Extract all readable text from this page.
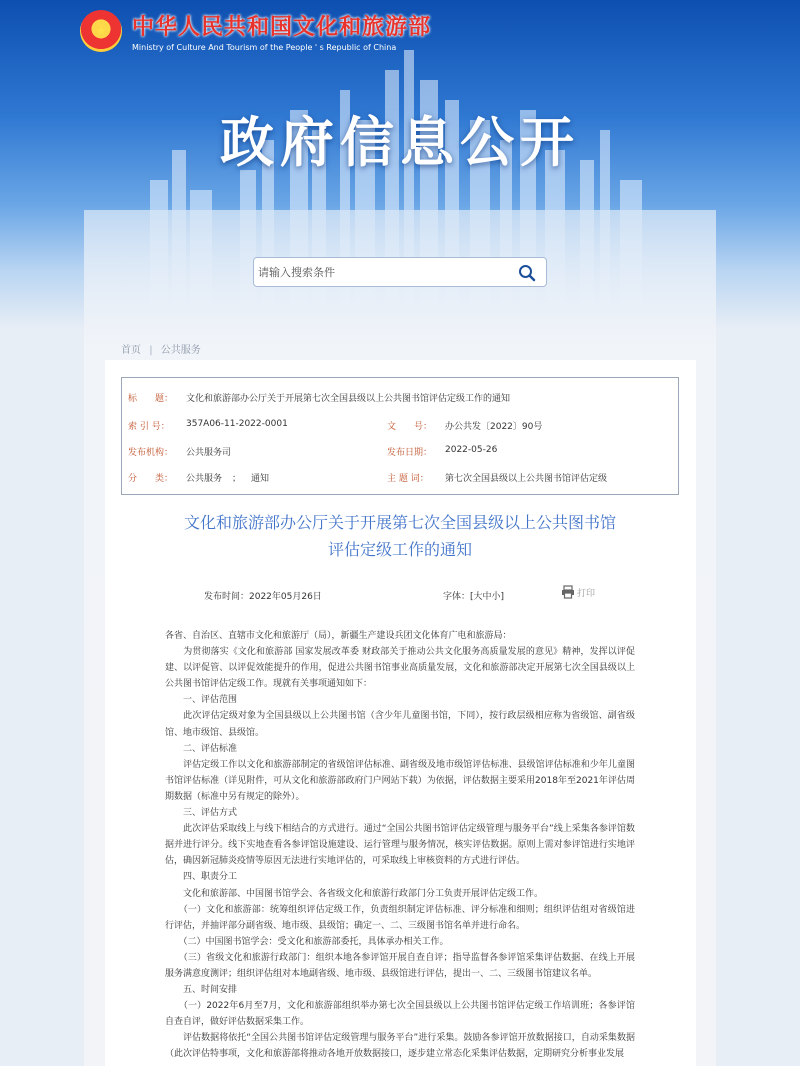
★ 中华人民共和国文化和旅游部
Ministry of Culture And Tourism of the People ' s Republic of China
政府信息公开
请输入搜索条件
首页 | 公共服务
标　　题：	文化和旅游部办公厅关于开展第七次全国县级以上公共图书馆评估定级工作的通知
索 引 号：	357A06-11-2022-0001	文　　号：	办公共发〔2022〕90号
发布机构：	公共服务司	发布日期：	2022-05-26
分　　类：	公共服务 ； 通知	主 题 词：	第七次全国县级以上公共图书馆评估定级
文化和旅游部办公厅关于开展第七次全国县级以上公共图书馆
评估定级工作的通知
发布时间：2022年05月26日	字体：[大中小]	打印

各省、自治区、直辖市文化和旅游厅（局），新疆生产建设兵团文化体育广电和旅游局：

　　为贯彻落实《文化和旅游部 国家发展改革委 财政部关于推动公共文化服务高质量发展的意见》精神，发挥以评促建、以评促管、以评促效能提升的作用，促进公共图书馆事业高质量发展，文化和旅游部决定开展第七次全国县级以上公共图书馆评估定级工作。现就有关事项通知如下：

　　一、评估范围

　　此次评估定级对象为全国县级以上公共图书馆（含少年儿童图书馆，下同），按行政层级相应称为省级馆、副省级馆、地市级馆、县级馆。

　　二、评估标准

　　评估定级工作以文化和旅游部制定的省级馆评估标准、副省级及地市级馆评估标准、县级馆评估标准和少年儿童图书馆评估标准（详见附件，可从文化和旅游部政府门户网站下载）为依据，评估数据主要采用2018年至2021年评估周期数据（标准中另有规定的除外）。

　　三、评估方式

　　此次评估采取线上与线下相结合的方式进行。通过“全国公共图书馆评估定级管理与服务平台”线上采集各参评馆数据并进行评分。线下实地查看各参评馆设施建设、运行管理与服务情况，核实评估数据。原则上需对参评馆进行实地评估，确因新冠肺炎疫情等原因无法进行实地评估的，可采取线上审核资料的方式进行评估。

　　四、职责分工

　　文化和旅游部、中国图书馆学会、各省级文化和旅游行政部门分工负责开展评估定级工作。

　　（一）文化和旅游部：统筹组织评估定级工作，负责组织制定评估标准、评分标准和细则；组织评估组对省级馆进行评估，并抽评部分副省级、地市级、县级馆；确定一、二、三级图书馆名单并进行命名。

　　（二）中国图书馆学会：受文化和旅游部委托，具体承办相关工作。

　　（三）省级文化和旅游行政部门：组织本地各参评馆开展自查自评；指导监督各参评馆采集评估数据、在线上开展服务满意度测评；组织评估组对本地副省级、地市级、县级馆进行评估，提出一、二、三级图书馆建议名单。

　　五、时间安排

　　（一）2022年6月至7月，文化和旅游部组织举办第七次全国县级以上公共图书馆评估定级工作培训班；各参评馆自查自评，做好评估数据采集工作。

　　评估数据将依托“全国公共图书馆评估定级管理与服务平台”进行采集。鼓励各参评馆开放数据接口，自动采集数据（此次评估特事项，文化和旅游部将推动各地开放数据接口，逐步建立常态化采集评估数据，定期研究分析事业发展
